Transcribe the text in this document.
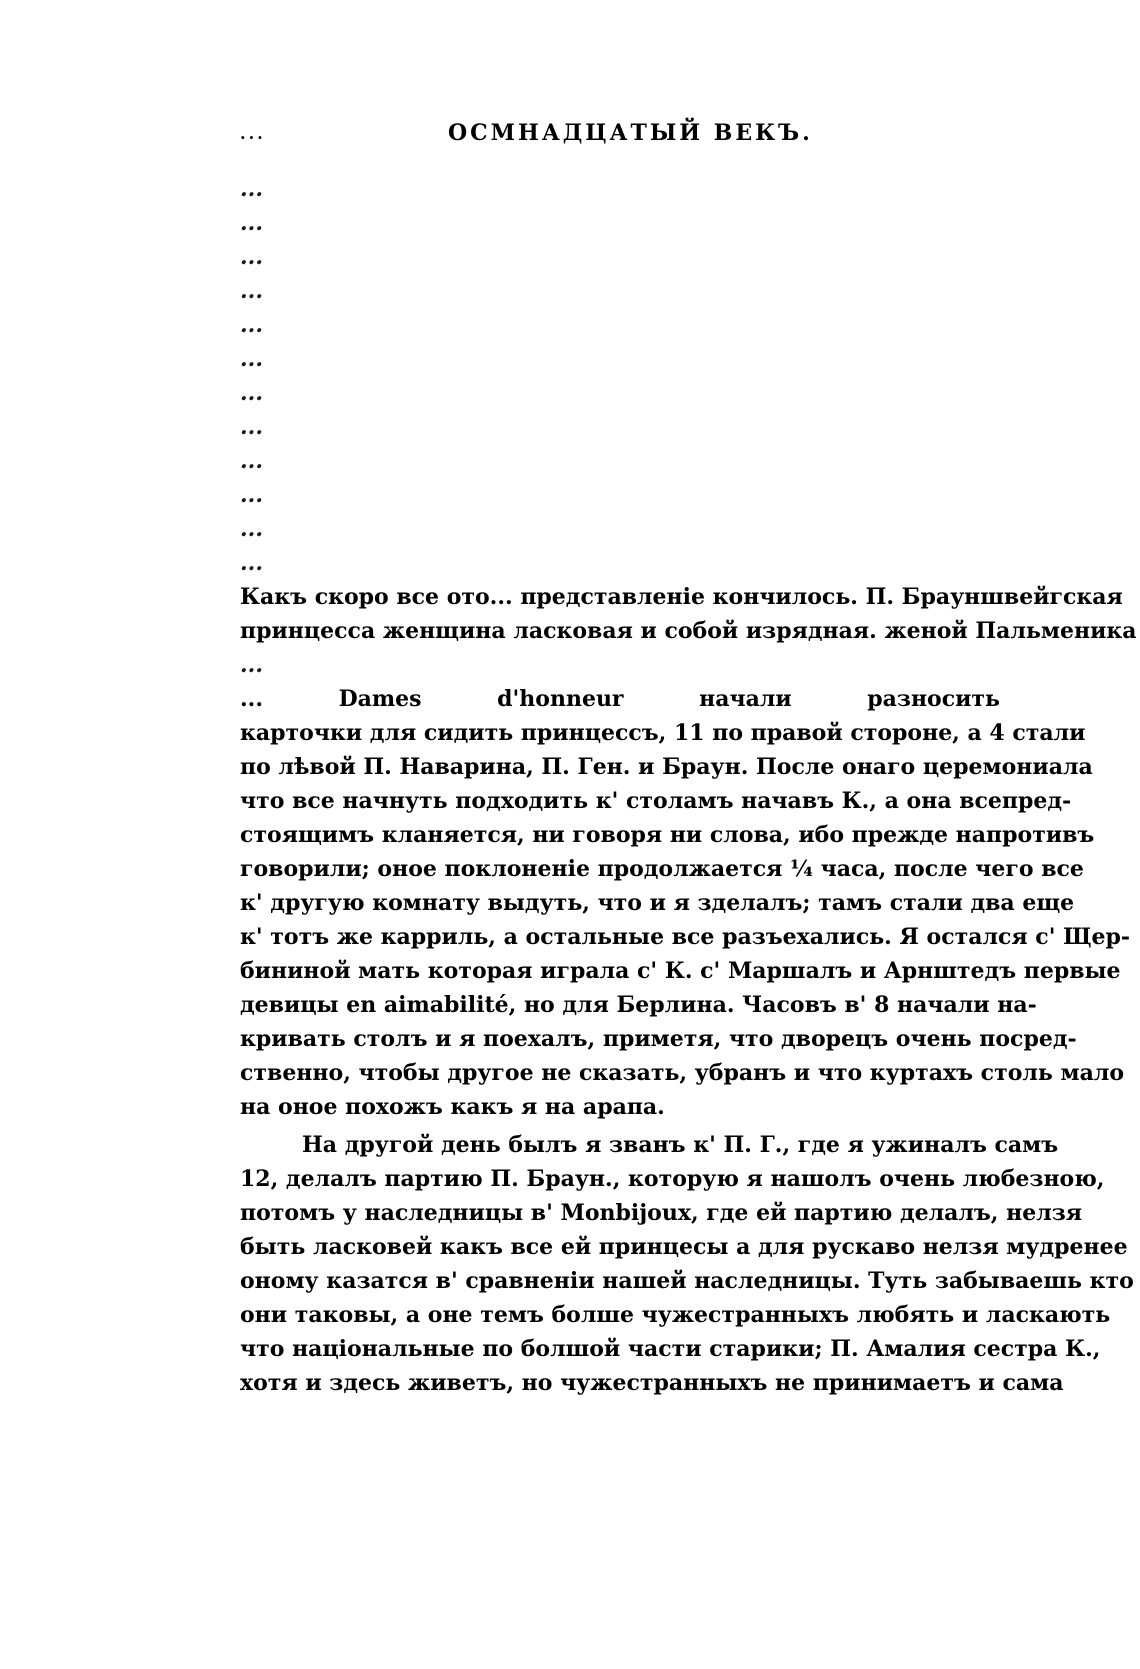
...	ОСМНАДЦАТЫЙ ВЕКЪ.
...
...
...
...
...
...
...
...
...
...
...
...
Какъ скоро все ото... представленіе кончилось. П. Брауншвейгская
принцесса женщина ласковая и собой изрядная. женой Пальменика
...
... Dames d'honneur начали разносить
карточки для сидить принцессъ, 11 по правой стороне, а 4 стали
по лѣвой П. Наварина, П. Ген. и Браун. После онаго церемониала
что все начнуть подходить к' столамъ начавъ К., а она всепред-
стоящимъ кланяется, ни говоря ни слова, ибо прежде напротивъ
говорили; оное поклоненіе продолжается ¼ часа, после чего все
к' другую комнату выдуть, что и я зделалъ; тамъ стали два еще
к' тотъ же карриль, а остальные все разъехались. Я остался с' Щер-
бининой мать которая играла с' К. с' Маршалъ и Арнштедъ первые
девицы en aimabilité, но для Берлина. Часовъ в' 8 начали на-
кривать столъ и я поехалъ, приметя, что дворецъ очень посред-
ственно, чтобы другое не сказать, убранъ и что куртахъ столь мало
на оное похожъ какъ я на арапа.
На другой день былъ я званъ к' П. Г., где я ужиналъ самъ
12, делалъ партию П. Браун., которую я нашолъ очень любезною,
потомъ у наследницы в' Monbijoux, где ей партию делалъ, нелзя
быть ласковей какъ все ей принцесы а для рускаво нелзя мудренее
оному казатся в' сравненіи нашей наследницы. Туть забываешь кто
они таковы, а оне темъ болше чужестранныхъ любять и ласкають
что національные по болшой части старики; П. Амалия сестра К.,
хотя и здесь живетъ, но чужестранныхъ не принимаетъ и сама
